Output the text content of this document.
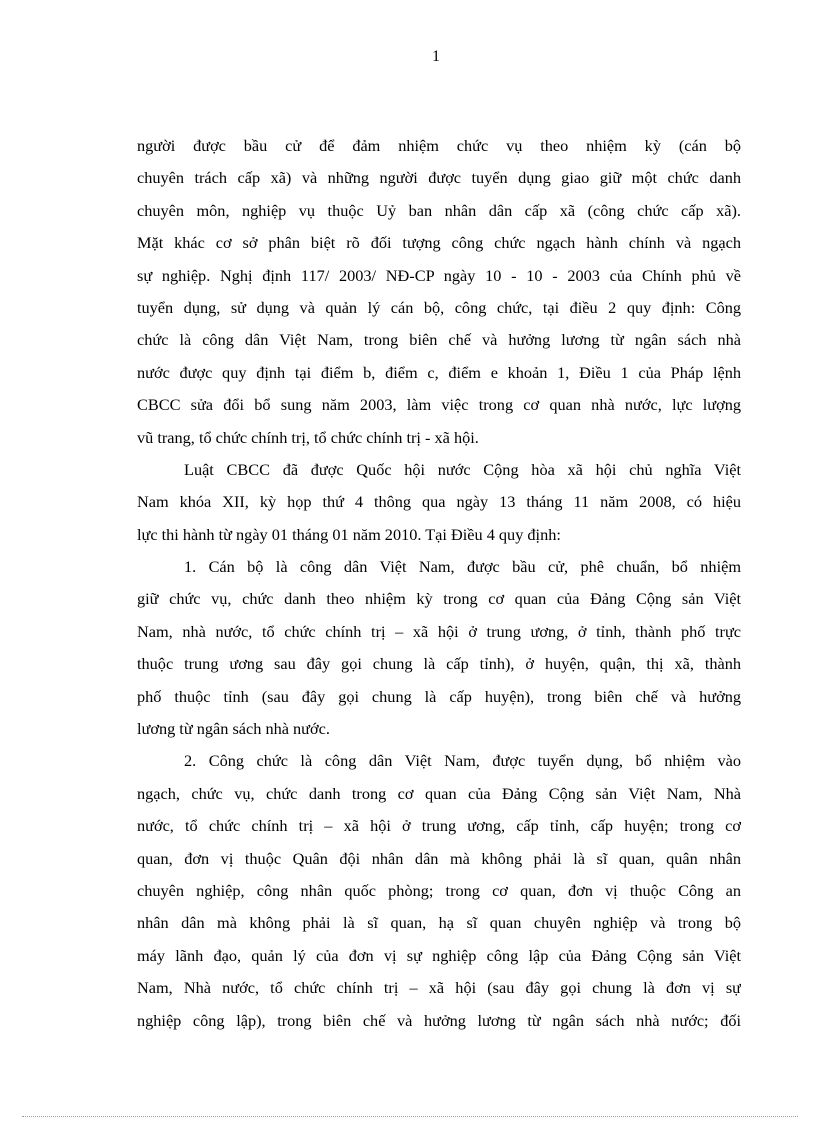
1
người được bầu cử để đảm nhiệm chức vụ theo nhiệm kỳ (cán bộ
chuyên trách cấp xã) và những người được tuyển dụng giao giữ một chức danh
chuyên môn, nghiệp vụ thuộc Uỷ ban nhân dân cấp xã (công chức cấp xã).
Mặt khác cơ sở phân biệt rõ đối tượng công chức ngạch hành chính và ngạch
sự nghiệp. Nghị định 117/ 2003/ NĐ-CP ngày 10 - 10 - 2003 của Chính phủ về
tuyển dụng, sử dụng và quản lý cán bộ, công chức, tại điều 2 quy định: Công
chức là công dân Việt Nam, trong biên chế và hưởng lương từ ngân sách nhà
nước được quy định tại điểm b, điểm c, điểm e khoản 1, Điều 1 của Pháp lệnh
CBCC sửa đổi bổ sung năm 2003, làm việc trong cơ quan nhà nước, lực lượng
vũ trang, tổ chức chính trị, tổ chức chính trị - xã hội.
Luật CBCC đã được Quốc hội nước Cộng hòa xã hội chủ nghĩa Việt
Nam khóa XII, kỳ họp thứ 4 thông qua ngày 13 tháng 11 năm 2008, có hiệu
lực thi hành từ ngày 01 tháng 01 năm 2010. Tại Điều 4 quy định:
1. Cán bộ là công dân Việt Nam, được bầu cử, phê chuẩn, bổ nhiệm
giữ chức vụ, chức danh theo nhiệm kỳ trong cơ quan của Đảng Cộng sản Việt
Nam, nhà nước, tổ chức chính trị – xã hội ở trung ương, ở tỉnh, thành phố trực
thuộc trung ương sau đây gọi chung là cấp tỉnh), ở huyện, quận, thị xã, thành
phố thuộc tỉnh (sau đây gọi chung là cấp huyện), trong biên chế và hưởng
lương từ ngân sách nhà nước.
2. Công chức là công dân Việt Nam, được tuyển dụng, bổ nhiệm vào
ngạch, chức vụ, chức danh trong cơ quan của Đảng Cộng sản Việt Nam, Nhà
nước, tổ chức chính trị – xã hội ở trung ương, cấp tỉnh, cấp huyện; trong cơ
quan, đơn vị thuộc Quân đội nhân dân mà không phải là sĩ quan, quân nhân
chuyên nghiệp, công nhân quốc phòng; trong cơ quan, đơn vị thuộc Công an
nhân dân mà không phải là sĩ quan, hạ sĩ quan chuyên nghiệp và trong bộ
máy lãnh đạo, quản lý của đơn vị sự nghiệp công lập của Đảng Cộng sản Việt
Nam, Nhà nước, tổ chức chính trị – xã hội (sau đây gọi chung là đơn vị sự
nghiệp công lập), trong biên chế và hưởng lương từ ngân sách nhà nước; đối
